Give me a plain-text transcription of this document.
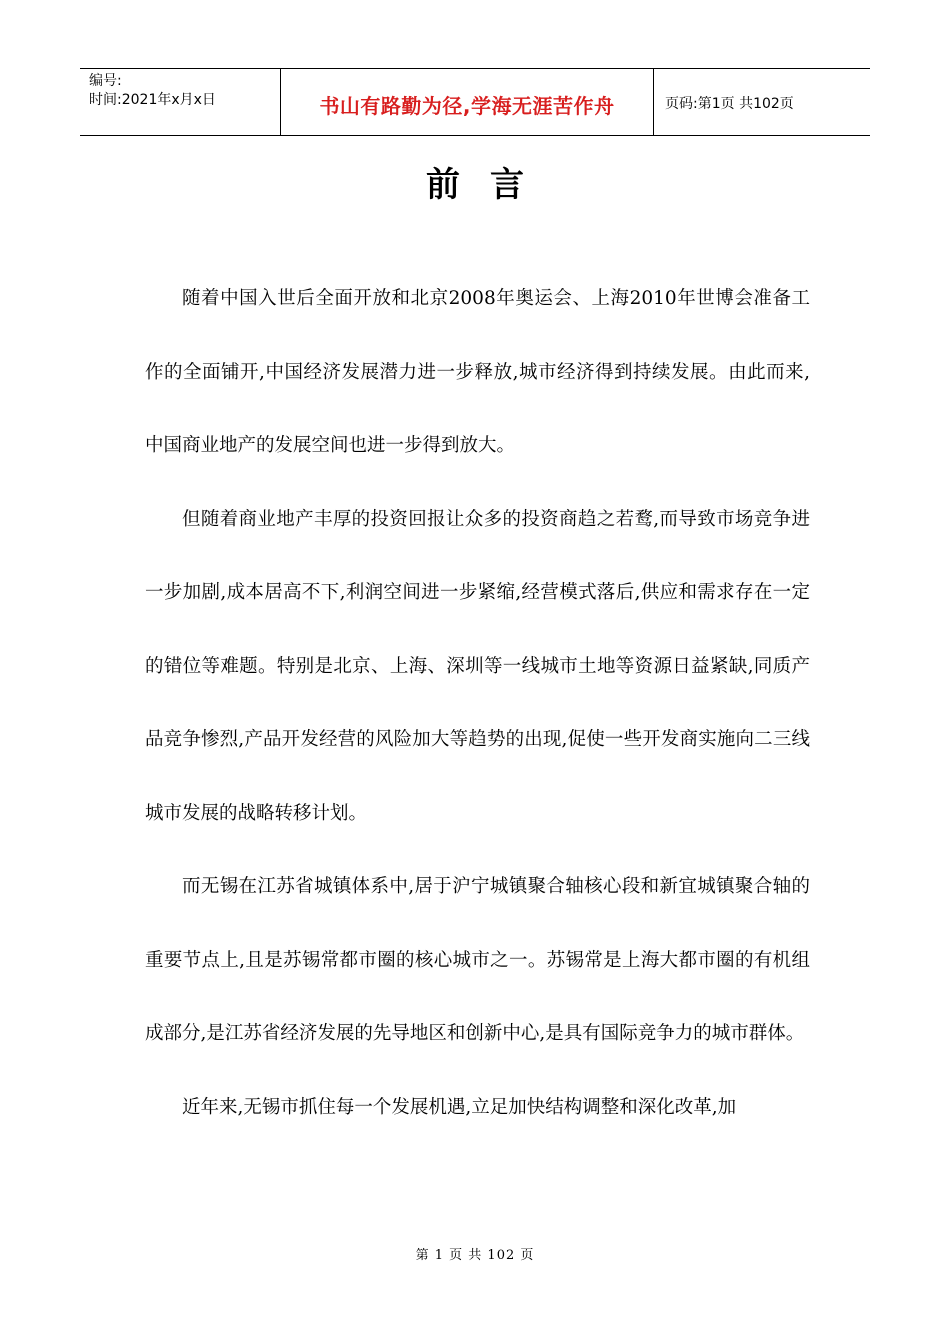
编号:
时间:2021年x月x日	书山有路勤为径,学海无涯苦作舟	页码:第1页 共102页
前言

随着中国入世后全面开放和北京2008年奥运会、上海2010年世博会准备工作的全面铺开,中国经济发展潜力进一步释放,城市经济得到持续发展。由此而来,中国商业地产的发展空间也进一步得到放大。

但随着商业地产丰厚的投资回报让众多的投资商趋之若鹜,而导致市场竞争进一步加剧,成本居高不下,利润空间进一步紧缩,经营模式落后,供应和需求存在一定的错位等难题。特别是北京、上海、深圳等一线城市土地等资源日益紧缺,同质产品竞争惨烈,产品开发经营的风险加大等趋势的出现,促使一些开发商实施向二三线城市发展的战略转移计划。

而无锡在江苏省城镇体系中,居于沪宁城镇聚合轴核心段和新宜城镇聚合轴的重要节点上,且是苏锡常都市圈的核心城市之一。苏锡常是上海大都市圈的有机组成部分,是江苏省经济发展的先导地区和创新中心,是具有国际竞争力的城市群体。

近年来,无锡市抓住每一个发展机遇,立足加快结构调整和深化改革,加

第 1 页 共 102 页
